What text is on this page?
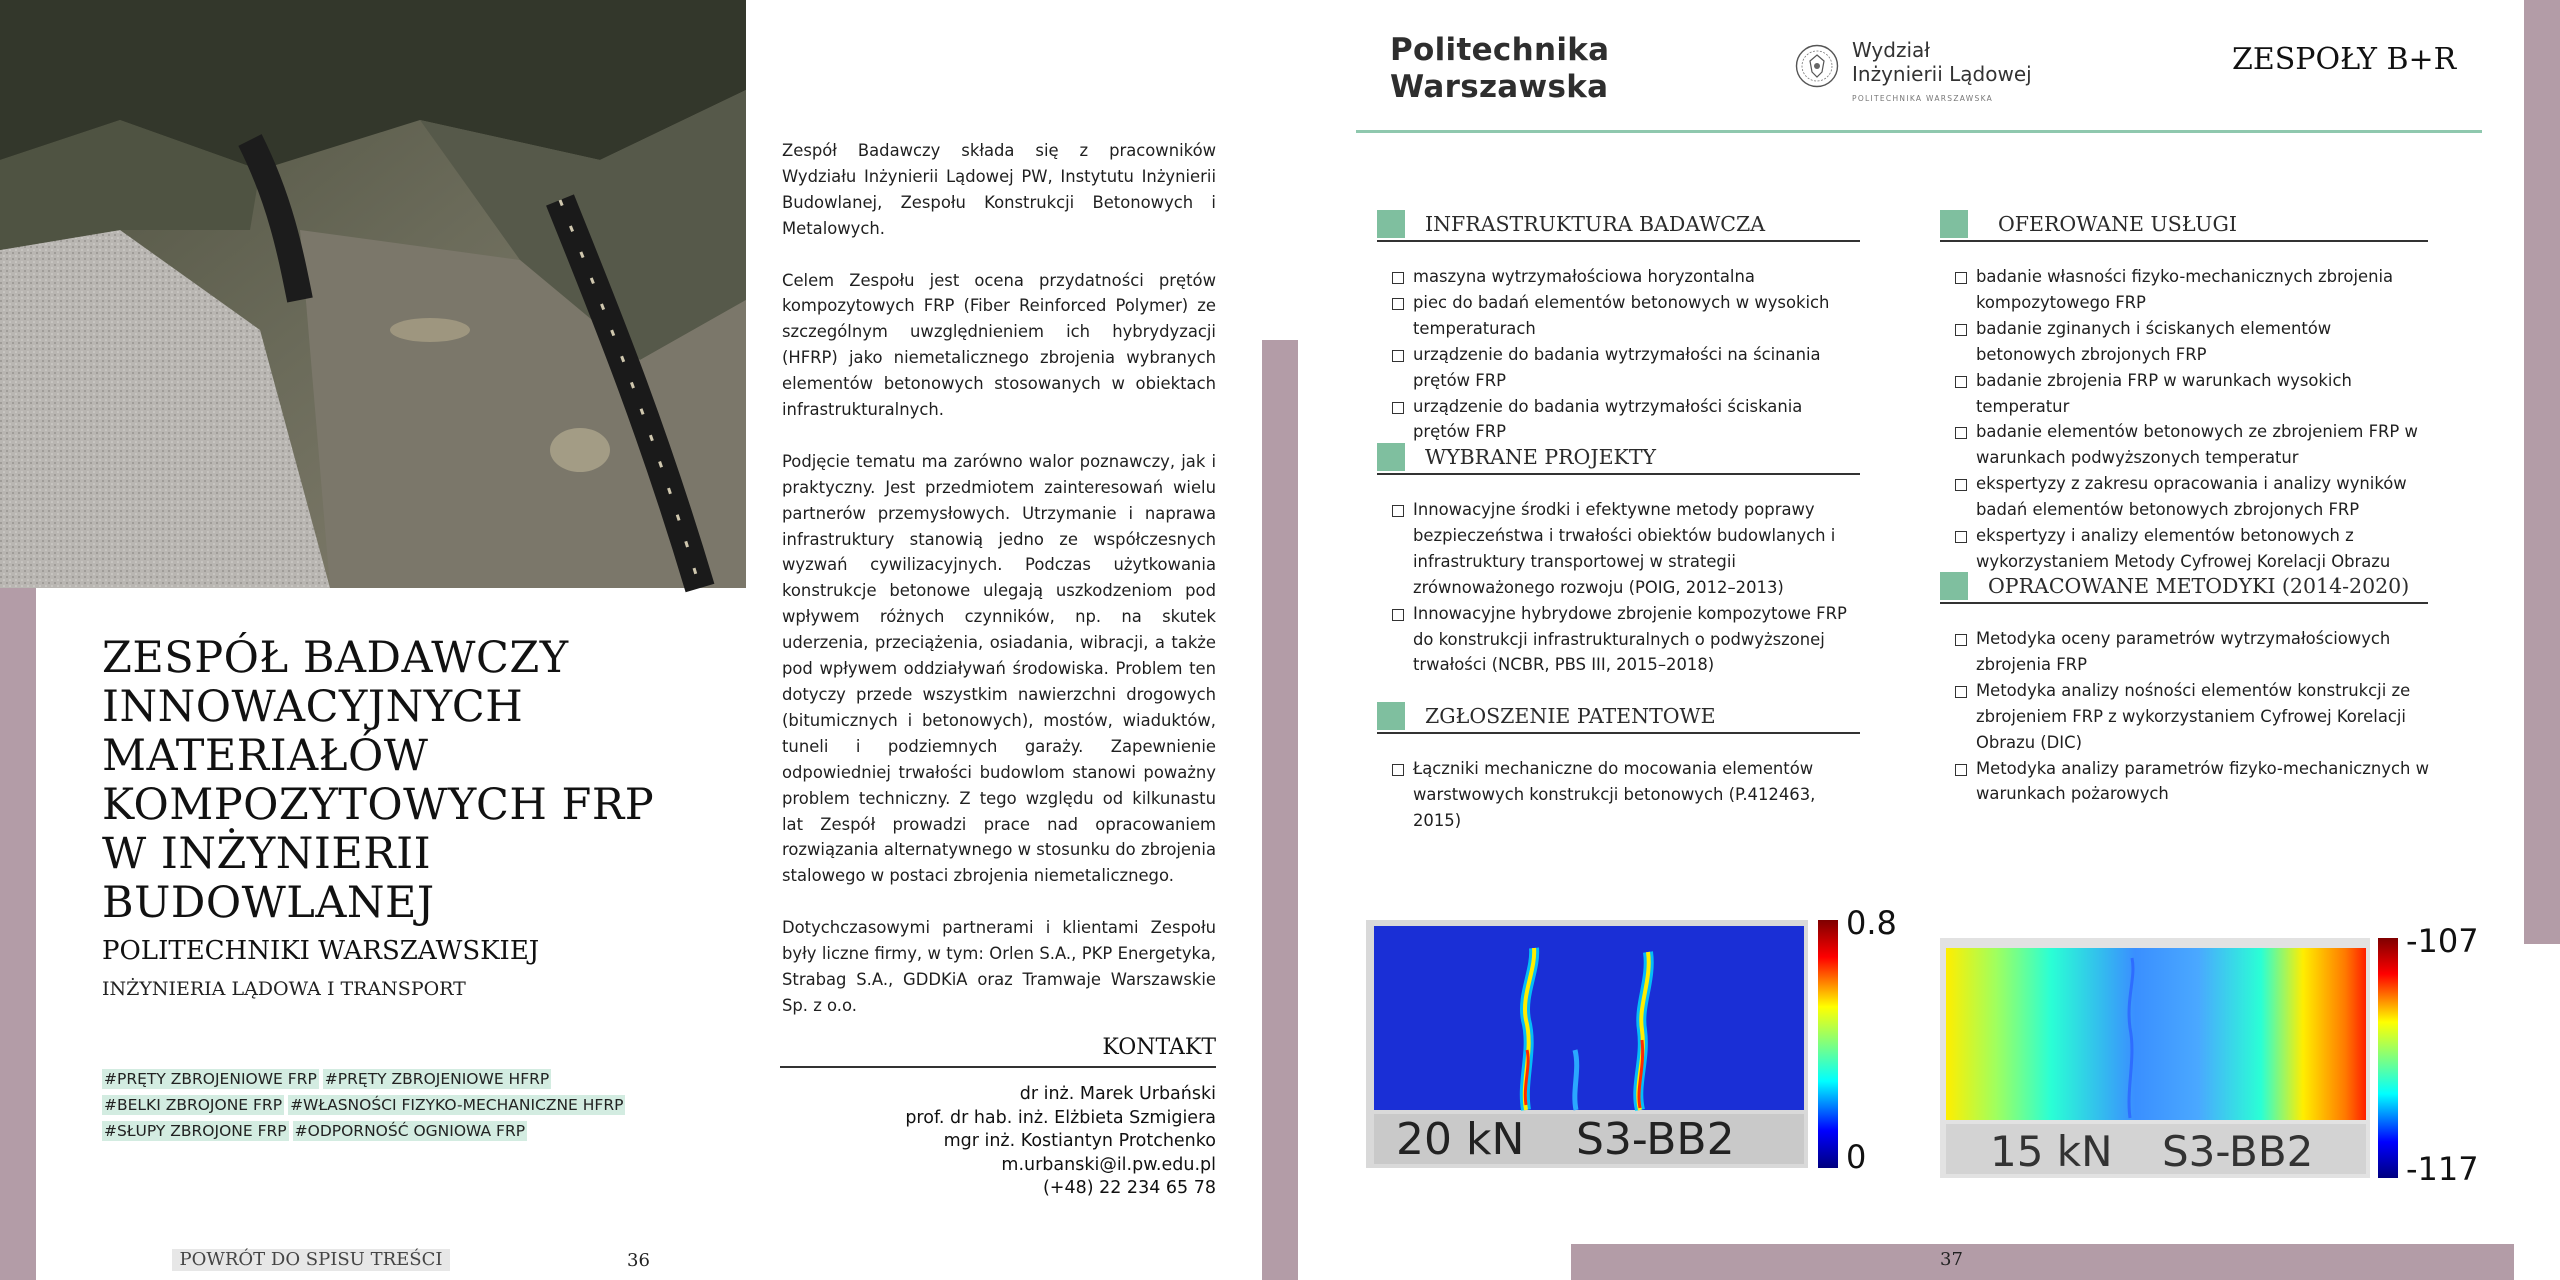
ZESPÓŁ BADAWCZY
INNOWACYJNYCH
MATERIAŁÓW
KOMPOZYTOWYCH FRP
W INŻYNIERII BUDOWLANEJ
POLITECHNIKI WARSZAWSKIEJ
INŻYNIERIA LĄDOWA I TRANSPORT
#PRĘTY ZBROJENIOWE FRP #PRĘTY ZBROJENIOWE HFRP
#BELKI ZBROJONE FRP #WŁASNOŚCI FIZYKO-MECHANICZNE HFRP
#SŁUPY ZBROJONE FRP #ODPORNOŚĆ OGNIOWA FRP
POWRÓT DO SPISU TREŚCI	36

Zespół Badawczy składa się z pracowników Wydziału Inżynierii Lądowej PW, Instytutu Inżynierii Budowlanej, Zespołu Konstrukcji Betonowych i Metalowych.

Celem Zespołu jest ocena przydatności prętów kompozytowych FRP (Fiber Reinforced Polymer) ze szczególnym uwzględnieniem ich hybrydyzacji (HFRP) jako niemetalicznego zbrojenia wybranych elementów betonowych stosowanych w obiektach infrastrukturalnych.

Podjęcie tematu ma zarówno walor poznawczy, jak i praktyczny. Jest przedmiotem zainteresowań wielu partnerów przemysłowych. Utrzymanie i naprawa infrastruktury stanowią jedno ze współczesnych wyzwań cywilizacyjnych. Podczas użytkowania konstrukcje betonowe ulegają uszkodzeniom pod wpływem różnych czynników, np. na skutek uderzenia, przeciążenia, osiadania, wibracji, a także pod wpływem oddziaływań środowiska. Problem ten dotyczy przede wszystkim nawierzchni drogowych (bitumicznych i betonowych), mostów, wiaduktów, tuneli i podziemnych garaży. Zapewnienie odpowiedniej trwałości budowlom stanowi poważny problem techniczny. Z tego względu od kilkunastu lat Zespół prowadzi prace nad opracowaniem rozwiązania alternatywnego w stosunku do zbrojenia stalowego w postaci zbrojenia niemetalicznego.

Dotychczasowymi partnerami i klientami Zespołu były liczne firmy, w tym: Orlen S.A., PKP Energetyka, Strabag S.A., GDDKiA oraz Tramwaje Warszawskie Sp. z o.o.

KONTAKT
dr inż. Marek Urbański
prof. dr hab. inż. Elżbieta Szmigiera
mgr inż. Kostiantyn Protchenko
m.urbanski@il.pw.edu.pl
(+48) 22 234 65 78
37
Politechnika
Warszawska
Wydział
Inżynierii Lądowej
POLITECHNIKA WARSZAWSKA
ZESPOŁY B+R
INFRASTRUKTURA BADAWCZA
maszyna wytrzymałościowa horyzontalna
piec do badań elementów betonowych w wysokich temperaturach
urządzenie do badania wytrzymałości na ścinania prętów FRP
urządzenie do badania wytrzymałości ściskania prętów FRP
WYBRANE PROJEKTY
Innowacyjne środki i efektywne metody poprawy bezpieczeństwa i trwałości obiektów budowlanych i infrastruktury transportowej w strategii zrównoważonego rozwoju (POIG, 2012–2013)
Innowacyjne hybrydowe zbrojenie kompozytowe FRP do konstrukcji infrastrukturalnych o podwyższonej trwałości (NCBR, PBS III, 2015–2018)
ZGŁOSZENIE PATENTOWE
Łączniki mechaniczne do mocowania elementów warstwowych konstrukcji betonowych (P.412463, 2015)
OFEROWANE USŁUGI
badanie własności fizyko-mechanicznych zbrojenia kompozytowego FRP
badanie zginanych i ściskanych elementów betonowych zbrojonych FRP
badanie zbrojenia FRP w warunkach wysokich temperatur
badanie elementów betonowych ze zbrojeniem FRP w warunkach podwyższonych temperatur
ekspertyzy z zakresu opracowania i analizy wyników badań elementów betonowych zbrojonych FRP
ekspertyzy i analizy elementów betonowych z wykorzystaniem Metody Cyfrowej Korelacji Obrazu
OPRACOWANE METODYKI (2014-2020)
Metodyka oceny parametrów wytrzymałościowych zbrojenia FRP
Metodyka analizy nośności elementów konstrukcji ze zbrojeniem FRP z wykorzystaniem Cyfrowej Korelacji Obrazu (DIC)
Metodyka analizy parametrów fizyko-mechanicznych w warunkach pożarowych
20 kN S3-BB2
0.8
0	15 kN S3-BB2
-107
-117
